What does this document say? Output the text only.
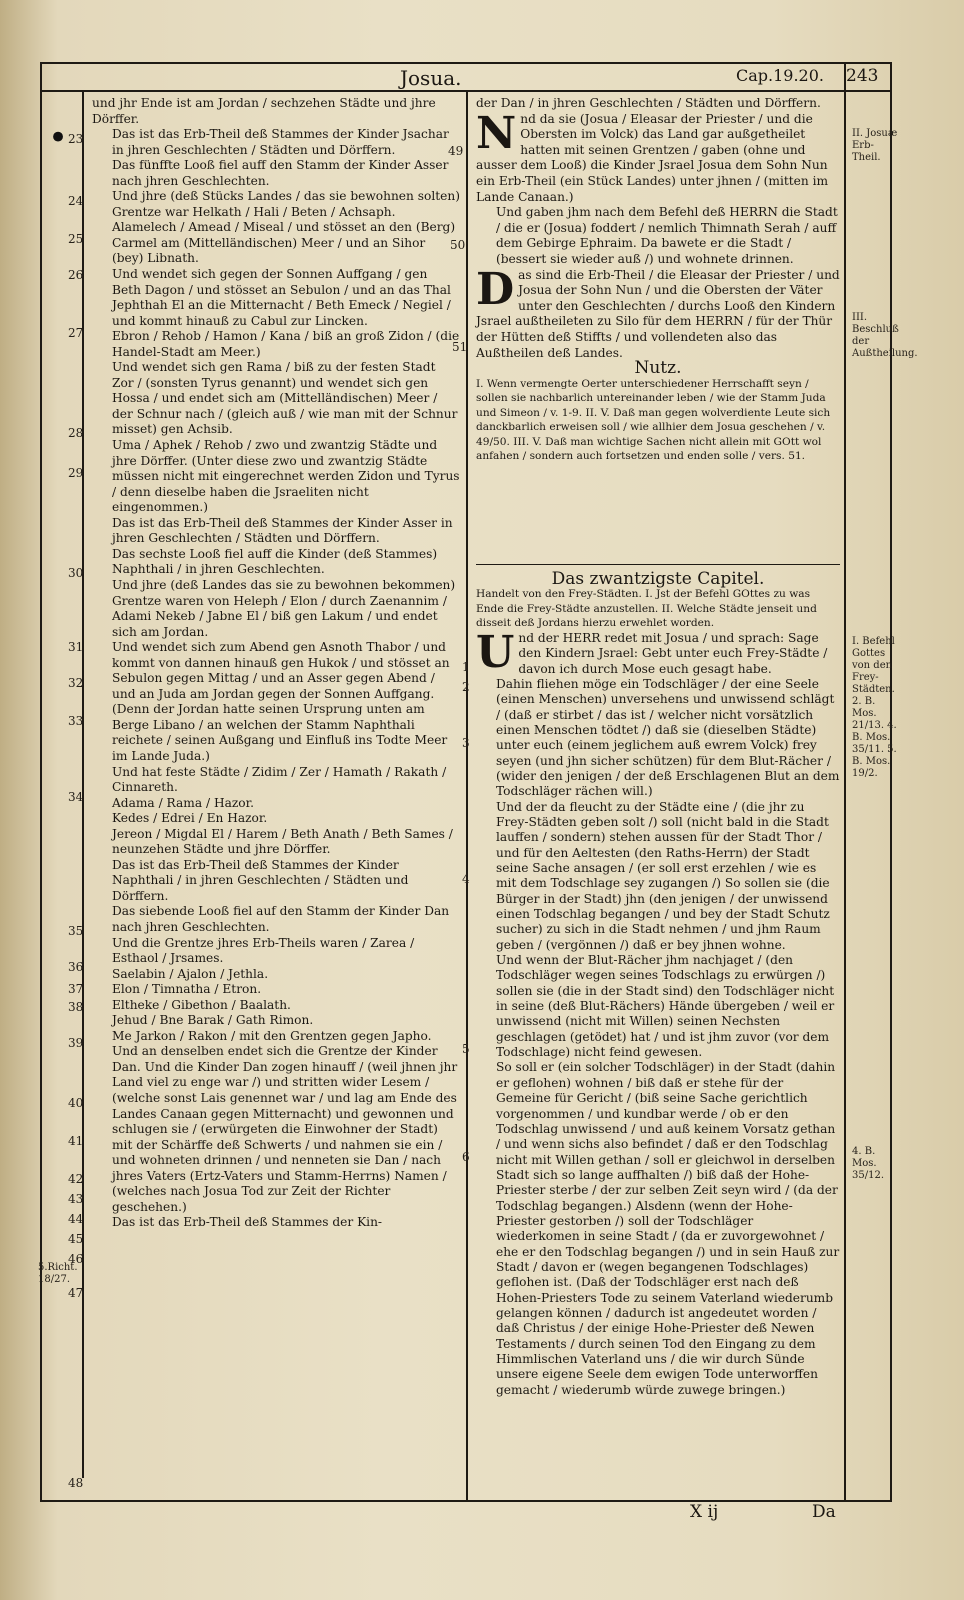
•
Josua.	Cap.19.20. 243

und jhr Ende ist am Jordan / sechzehen Städte und jhre Dörffer.

Das ist das Erb-Theil deß Stammes der Kinder Jsachar in jhren Geschlechten / Städten und Dörffern.

Das fünffte Looß fiel auff den Stamm der Kinder Asser nach jhren Geschlechten.

Und jhre (deß Stücks Landes / das sie bewohnen solten) Grentze war Helkath / Hali / Beten / Achsaph.

Alamelech / Amead / Miseal / und stösset an den (Berg) Carmel am (Mittelländischen) Meer / und an Sihor (bey) Libnath.

Und wendet sich gegen der Sonnen Auffgang / gen Beth Dagon / und stösset an Sebulon / und an das Thal Jephthah El an die Mitternacht / Beth Emeck / Negiel / und kommt hinauß zu Cabul zur Lincken.

Ebron / Rehob / Hamon / Kana / biß an groß Zidon / (die Handel-Stadt am Meer.)

Und wendet sich gen Rama / biß zu der festen Stadt Zor / (sonsten Tyrus genannt) und wendet sich gen Hossa / und endet sich am (Mittelländischen) Meer / der Schnur nach / (gleich auß / wie man mit der Schnur misset) gen Achsib.

Uma / Aphek / Rehob / zwo und zwantzig Städte und jhre Dörffer. (Unter diese zwo und zwantzig Städte müssen nicht mit eingerechnet werden Zidon und Tyrus / denn dieselbe haben die Jsraeliten nicht eingenommen.)

Das ist das Erb-Theil deß Stammes der Kinder Asser in jhren Geschlechten / Städten und Dörffern.

Das sechste Looß fiel auff die Kinder (deß Stammes) Naphthali / in jhren Geschlechten.

Und jhre (deß Landes das sie zu bewohnen bekommen) Grentze waren von Heleph / Elon / durch Zaenannim / Adami Nekeb / Jabne El / biß gen Lakum / und endet sich am Jordan.

Und wendet sich zum Abend gen Asnoth Thabor / und kommt von dannen hinauß gen Hukok / und stösset an Sebulon gegen Mittag / und an Asser gegen Abend / und an Juda am Jordan gegen der Sonnen Auffgang. (Denn der Jordan hatte seinen Ursprung unten am Berge Libano / an welchen der Stamm Naphthali reichete / seinen Außgang und Einfluß ins Todte Meer im Lande Juda.)

Und hat feste Städte / Zidim / Zer / Hamath / Rakath / Cinnareth.

Adama / Rama / Hazor.

Kedes / Edrei / En Hazor.

Jereon / Migdal El / Harem / Beth Anath / Beth Sames / neunzehen Städte und jhre Dörffer.

Das ist das Erb-Theil deß Stammes der Kinder Naphthali / in jhren Geschlechten / Städten und Dörffern.

Das siebende Looß fiel auf den Stamm der Kinder Dan nach jhren Geschlechten.

Und die Grentze jhres Erb-Theils waren / Zarea / Esthaol / Jrsames.

Saelabin / Ajalon / Jethla.

Elon / Timnatha / Etron.

Eltheke / Gibethon / Baalath.

Jehud / Bne Barak / Gath Rimon.

Me Jarkon / Rakon / mit den Grentzen gegen Japho.

Und an denselben endet sich die Grentze der Kinder Dan. Und die Kinder Dan zogen hinauff / (weil jhnen jhr Land viel zu enge war /) und stritten wider Lesem / (welche sonst Lais genennet war / und lag am Ende des Landes Canaan gegen Mitternacht) und gewonnen und schlugen sie / (erwürgeten die Einwohner der Stadt) mit der Schärffe deß Schwerts / und nahmen sie ein / und wohneten drinnen / und nenneten sie Dan / nach jhres Vaters (Ertz-Vaters und Stamm-Herrns) Namen / (welches nach Josua Tod zur Zeit der Richter geschehen.)

Das ist das Erb-Theil deß Stammes der Kin-

23
24
25
26
27
28
29
30
31
32
33
34
35
36
37
38
39
40
41
42
43
44
45
46
47
48
5.Richt. 18/27.
49
50
51
1
2
3
4
5
6

der Dan / in jhren Geschlechten / Städten und Dörffern.

Nnd da sie (Josua / Eleasar der Priester / und die Obersten im Volck) das Land gar außgetheilet hatten mit seinen Grentzen / gaben (ohne und ausser dem Looß) die Kinder Jsrael Josua dem Sohn Nun ein Erb-Theil (ein Stück Landes) unter jhnen / (mitten im Lande Canaan.)

Und gaben jhm nach dem Befehl deß HERRN die Stadt / die er (Josua) foddert / nemlich Thimnath Serah / auff dem Gebirge Ephraim. Da bawete er die Stadt / (bessert sie wieder auß /) und wohnete drinnen.

Das sind die Erb-Theil / die Eleasar der Priester / und Josua der Sohn Nun / und die Obersten der Väter unter den Geschlechten / durchs Looß den Kindern Jsrael außtheileten zu Silo für dem HERRN / für der Thür der Hütten deß Stiffts / und vollendeten also das Außtheilen deß Landes.

Nutz.

I. Wenn vermengte Oerter unterschiedener Herrschafft seyn / sollen sie nachbarlich untereinander leben / wie der Stamm Juda und Simeon / v. 1-9. II. V. Daß man gegen wolverdiente Leute sich danckbarlich erweisen soll / wie allhier dem Josua geschehen / v. 49/50. III. V. Daß man wichtige Sachen nicht allein mit GOtt wol anfahen / sondern auch fortsetzen und enden solle / vers. 51.

Das zwantzigste Capitel.

Handelt von den Frey-Städten. I. Jst der Befehl GOttes zu was Ende die Frey-Städte anzustellen. II. Welche Städte jenseit und disseit deß Jordans hierzu erwehlet worden.

Und der HERR redet mit Josua / und sprach: Sage den Kindern Jsrael: Gebt unter euch Frey-Städte / davon ich durch Mose euch gesagt habe.

Dahin fliehen möge ein Todschläger / der eine Seele (einen Menschen) unversehens und unwissend schlägt / (daß er stirbet / das ist / welcher nicht vorsätzlich einen Menschen tödtet /) daß sie (dieselben Städte) unter euch (einem jeglichem auß ewrem Volck) frey seyen (und jhn sicher schützen) für dem Blut-Rächer / (wider den jenigen / der deß Erschlagenen Blut an dem Todschläger rächen will.)

Und der da fleucht zu der Städte eine / (die jhr zu Frey-Städten geben solt /) soll (nicht bald in die Stadt lauffen / sondern) stehen aussen für der Stadt Thor / und für den Aeltesten (den Raths-Herrn) der Stadt seine Sache ansagen / (er soll erst erzehlen / wie es mit dem Todschlage sey zugangen /) So sollen sie (die Bürger in der Stadt) jhn (den jenigen / der unwissend einen Todschlag begangen / und bey der Stadt Schutz sucher) zu sich in die Stadt nehmen / und jhm Raum geben / (vergönnen /) daß er bey jhnen wohne.

Und wenn der Blut-Rächer jhm nachjaget / (den Todschläger wegen seines Todschlags zu erwürgen /) sollen sie (die in der Stadt sind) den Todschläger nicht in seine (deß Blut-Rächers) Hände übergeben / weil er unwissend (nicht mit Willen) seinen Nechsten geschlagen (getödet) hat / und ist jhm zuvor (vor dem Todschlage) nicht feind gewesen.

So soll er (ein solcher Todschläger) in der Stadt (dahin er geflohen) wohnen / biß daß er stehe für der Gemeine für Gericht / (biß seine Sache gerichtlich vorgenommen / und kundbar werde / ob er den Todschlag unwissend / und auß keinem Vorsatz gethan / und wenn sichs also befindet / daß er den Todschlag nicht mit Willen gethan / soll er gleichwol in derselben Stadt sich so lange auffhalten /) biß daß der Hohe-Priester sterbe / der zur selben Zeit seyn wird / (da der Todschlag begangen.) Alsdenn (wenn der Hohe-Priester gestorben /) soll der Todschläger wiederkomen in seine Stadt / (da er zuvorgewohnet / ehe er den Todschlag begangen /) und in sein Hauß zur Stadt / davon er (wegen begangenen Todschlages) geflohen ist. (Daß der Todschläger erst nach deß Hohen-Priesters Tode zu seinem Vaterland wiederumb gelangen können / dadurch ist angedeutet worden / daß Christus / der einige Hohe-Priester deß Newen Testaments / durch seinen Tod den Eingang zu dem Himmlischen Vaterland uns / die wir durch Sünde unsere eigene Seele dem ewigen Tode unterworffen gemacht / wiederumb würde zuwege bringen.)

II. Josuæ Erb-Theil.
III. Beschluß der Außtheilung.
I. Befehl Gottes von den Frey-Städten. 2. B. Mos. 21/13. 4. B. Mos. 35/11. 5. B. Mos. 19/2.
4. B. Mos. 35/12.
X ij	Da
